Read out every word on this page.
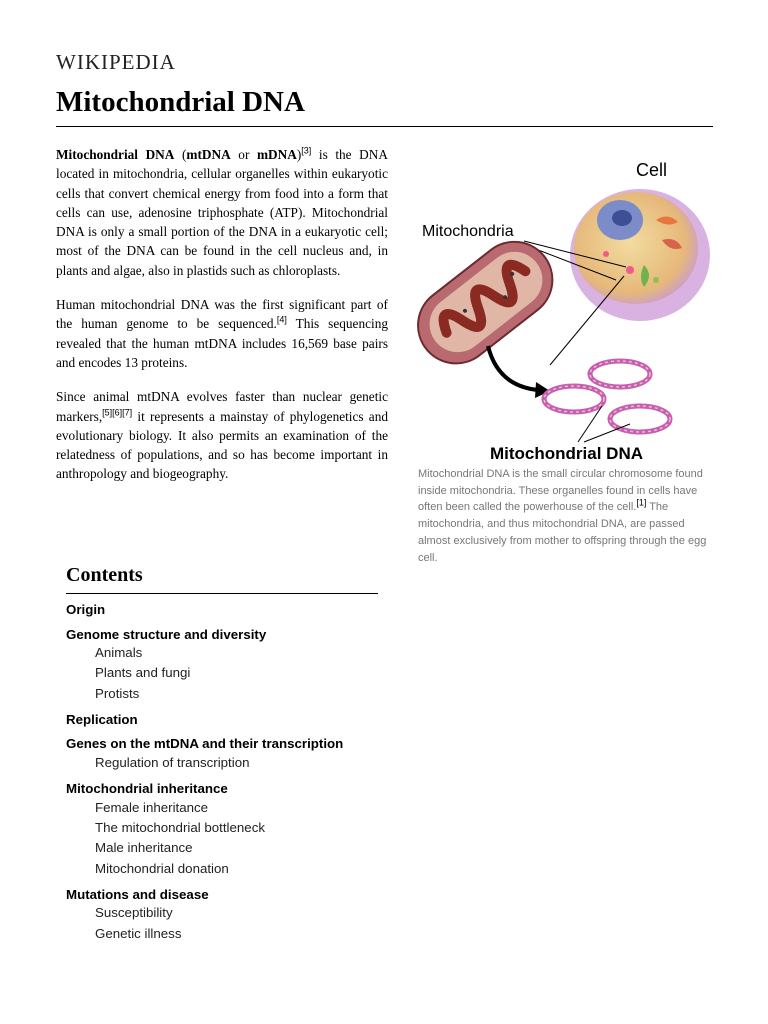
WIKIPEDIA
Mitochondrial DNA

Mitochondrial DNA (mtDNA or mDNA)[3] is the DNA located in mitochondria, cellular organelles within eukaryotic cells that convert chemical energy from food into a form that cells can use, adenosine triphosphate (ATP). Mitochondrial DNA is only a small portion of the DNA in a eukaryotic cell; most of the DNA can be found in the cell nucleus and, in plants and algae, also in plastids such as chloroplasts.

Human mitochondrial DNA was the first significant part of the human genome to be sequenced.[4] This sequencing revealed that the human mtDNA includes 16,569 base pairs and encodes 13 proteins.

Since animal mtDNA evolves faster than nuclear genetic markers,[5][6][7] it represents a mainstay of phylogenetics and evolutionary biology. It also permits an examination of the relatedness of populations, and so has become important in anthropology and biogeography.

Contents
Origin
Genome structure and diversity
Animals
Plants and fungi
Protists
Replication
Genes on the mtDNA and their transcription
Regulation of transcription
Mitochondrial inheritance
Female inheritance
The mitochondrial bottleneck
Male inheritance
Mitochondrial donation
Mutations and disease
Susceptibility
Genetic illness
Cell
Mitochondria
Mitochondrial DNA
Mitochondrial DNA is the small circular chromosome found inside mitochondria. These organelles found in cells have often been called the powerhouse of the cell.[1] The mitochondria, and thus mitochondrial DNA, are passed almost exclusively from mother to offspring through the egg cell.
